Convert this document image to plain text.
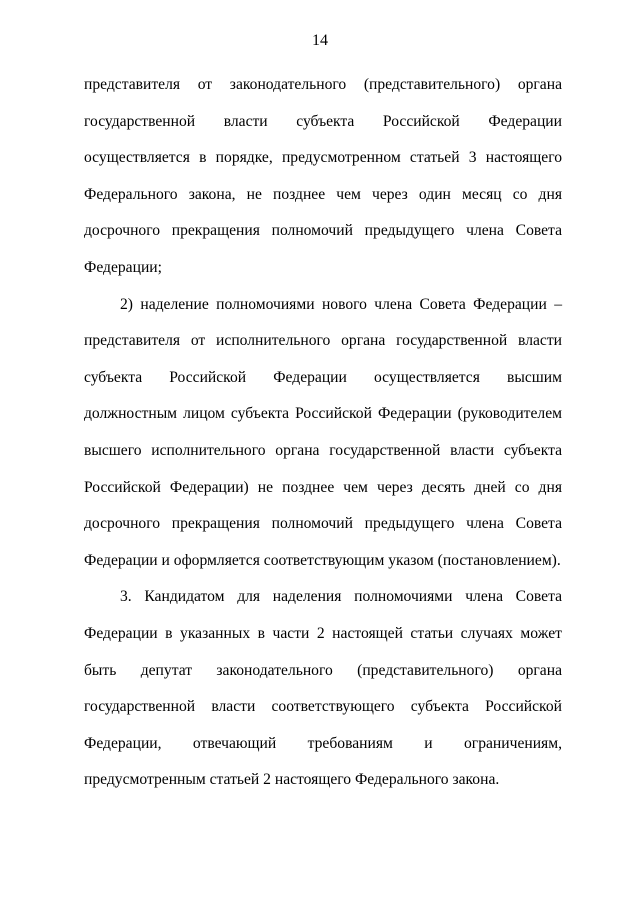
14

представителя от законодательного (представительного) органа государственной власти субъекта Российской Федерации осуществляется в порядке, предусмотренном статьей 3 настоящего Федерального закона, не позднее чем через один месяц со дня досрочного прекращения полномочий предыдущего члена Совета Федерации;

2) наделение полномочиями нового члена Совета Федерации – представителя от исполнительного органа государственной власти субъекта Российской Федерации осуществляется высшим должностным лицом субъекта Российской Федерации (руководителем высшего исполнительного органа государственной власти субъекта Российской Федерации) не позднее чем через десять дней со дня досрочного прекращения полномочий предыдущего члена Совета Федерации и оформляется соответствующим указом (постановлением).

3. Кандидатом для наделения полномочиями члена Совета Федерации в указанных в части 2 настоящей статьи случаях может быть депутат законодательного (представительного) органа государственной власти соответствующего субъекта Российской Федерации, отвечающий требованиям и ограничениям, предусмотренным статьей 2 настоящего Федерального закона.
